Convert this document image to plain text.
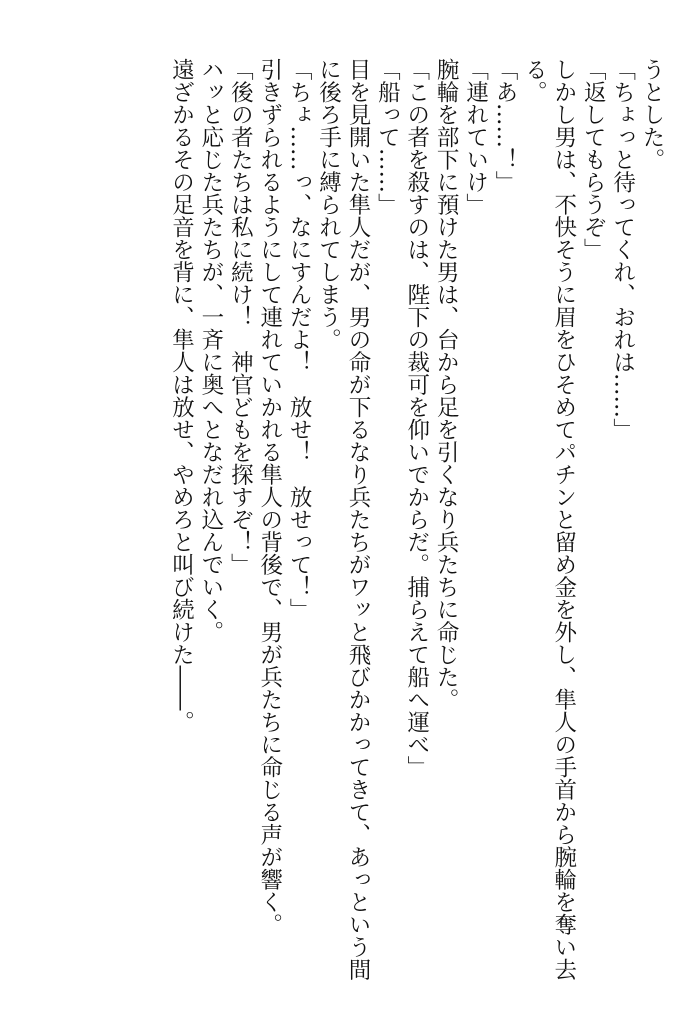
うとした。
「ちょっと待ってくれ、おれは……」
「返してもらうぞ」
しかし男は、不快そうに眉をひそめてパチンと留め金を外し、隼人の手首から腕輪を奪い去
る。
「あ……！」
「連れていけ」
腕輪を部下に預けた男は、台から足を引くなり兵たちに命じた。
「この者を殺すのは、陛下の裁可を仰いでからだ。捕らえて船へ運べ」
「船って……」
目を見開いた隼人だが、男の命が下るなり兵たちがワッと飛びかかってきて、あっという間
に後ろ手に縛られてしまう。
「ちょ……っ、なにすんだよ！　放せ！　放せって！」
引きずられるようにして連れていかれる隼人の背後で、男が兵たちに命じる声が響く。
「後の者たちは私に続け！　神官どもを探すぞ！」
ハッと応じた兵たちが、一斉に奥へとなだれ込んでいく。
遠ざかるその足音を背に、隼人は放せ、やめろと叫び続けた――。
